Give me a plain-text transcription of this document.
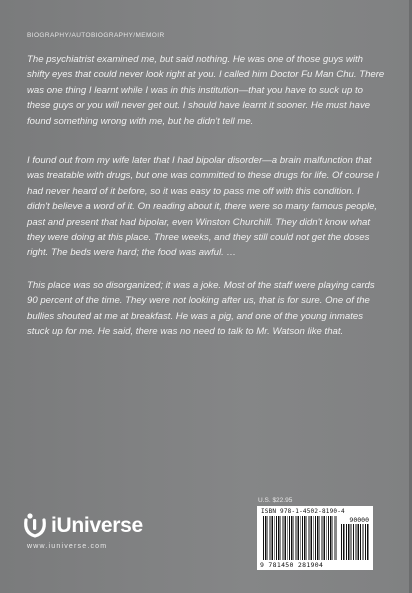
BIOGRAPHY/AUTOBIOGRAPHY/MEMOIR

The psychiatrist examined me, but said nothing. He was one of those guys with shifty eyes that could never look right at you. I called him Doctor Fu Man Chu. There was one thing I learnt while I was in this institution—that you have to suck up to these guys or you will never get out. I should have learnt it sooner. He must have found something wrong with me, but he didn't tell me.

I found out from my wife later that I had bipolar disorder—a brain malfunction that was treatable with drugs, but one was committed to these drugs for life. Of course I had never heard of it before, so it was easy to pass me off with this condition. I didn't believe a word of it. On reading about it, there were so many famous people, past and present that had bipolar, even Winston Churchill. They didn't know what they were doing at this place. Three weeks, and they still could not get the doses right. The beds were hard; the food was awful. …

This place was so disorganized; it was a joke. Most of the staff were playing cards 90 percent of the time. They were not looking after us, that is for sure. One of the bullies shouted at me at breakfast. He was a pig, and one of the young inmates stuck up for me. He said, there was no need to talk to Mr. Watson like that.

iUniverse
www.iuniverse.com
U.S. $22.95
ISBN 978-1-4502-8190-4
90000
9 781450 281904
